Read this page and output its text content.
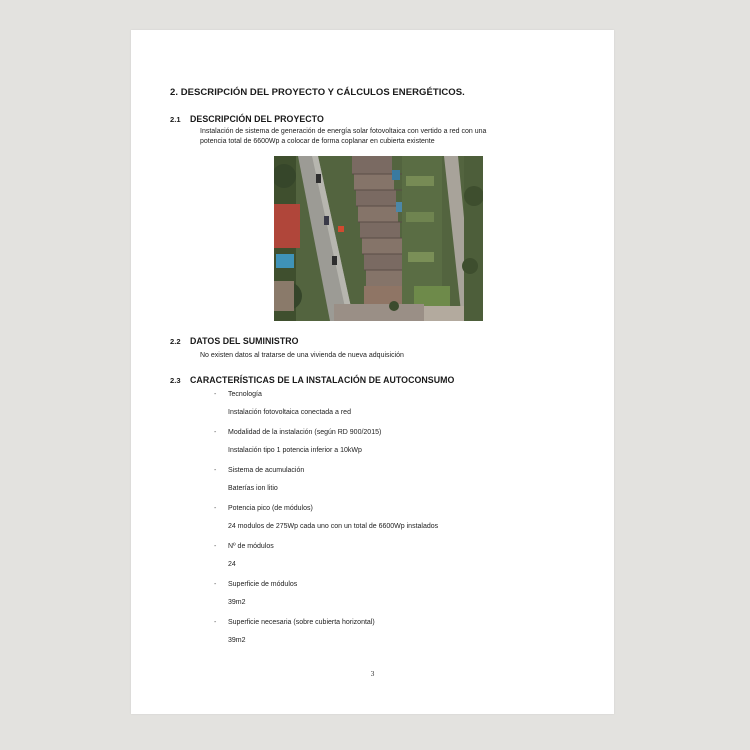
2. DESCRIPCIÓN DEL PROYECTO Y CÁLCULOS ENERGÉTICOS.
2.1 DESCRIPCIÓN DEL PROYECTO
Instalación de sistema de generación de energía solar fotovoltaica con vertido a red con una
potencia total de 6600Wp a colocar de forma coplanar en cubierta existente
2.2 DATOS DEL SUMINISTRO
No existen datos al tratarse de una vivienda de nueva adquisición
2.3 CARACTERÍSTICAS DE LA INSTALACIÓN DE AUTOCONSUMO
- Tecnología
Instalación fotovoltaica conectada a red
- Modalidad de la instalación (según RD 900/2015)
Instalación tipo 1 potencia inferior a 10kWp
- Sistema de acumulación
Baterías ion litio
- Potencia pico (de módulos)
24 modulos de 275Wp cada uno con un total de 6600Wp instalados
- Nº de módulos
24
- Superficie de módulos
39m2
- Superficie necesaria (sobre cubierta horizontal)
39m2
3
